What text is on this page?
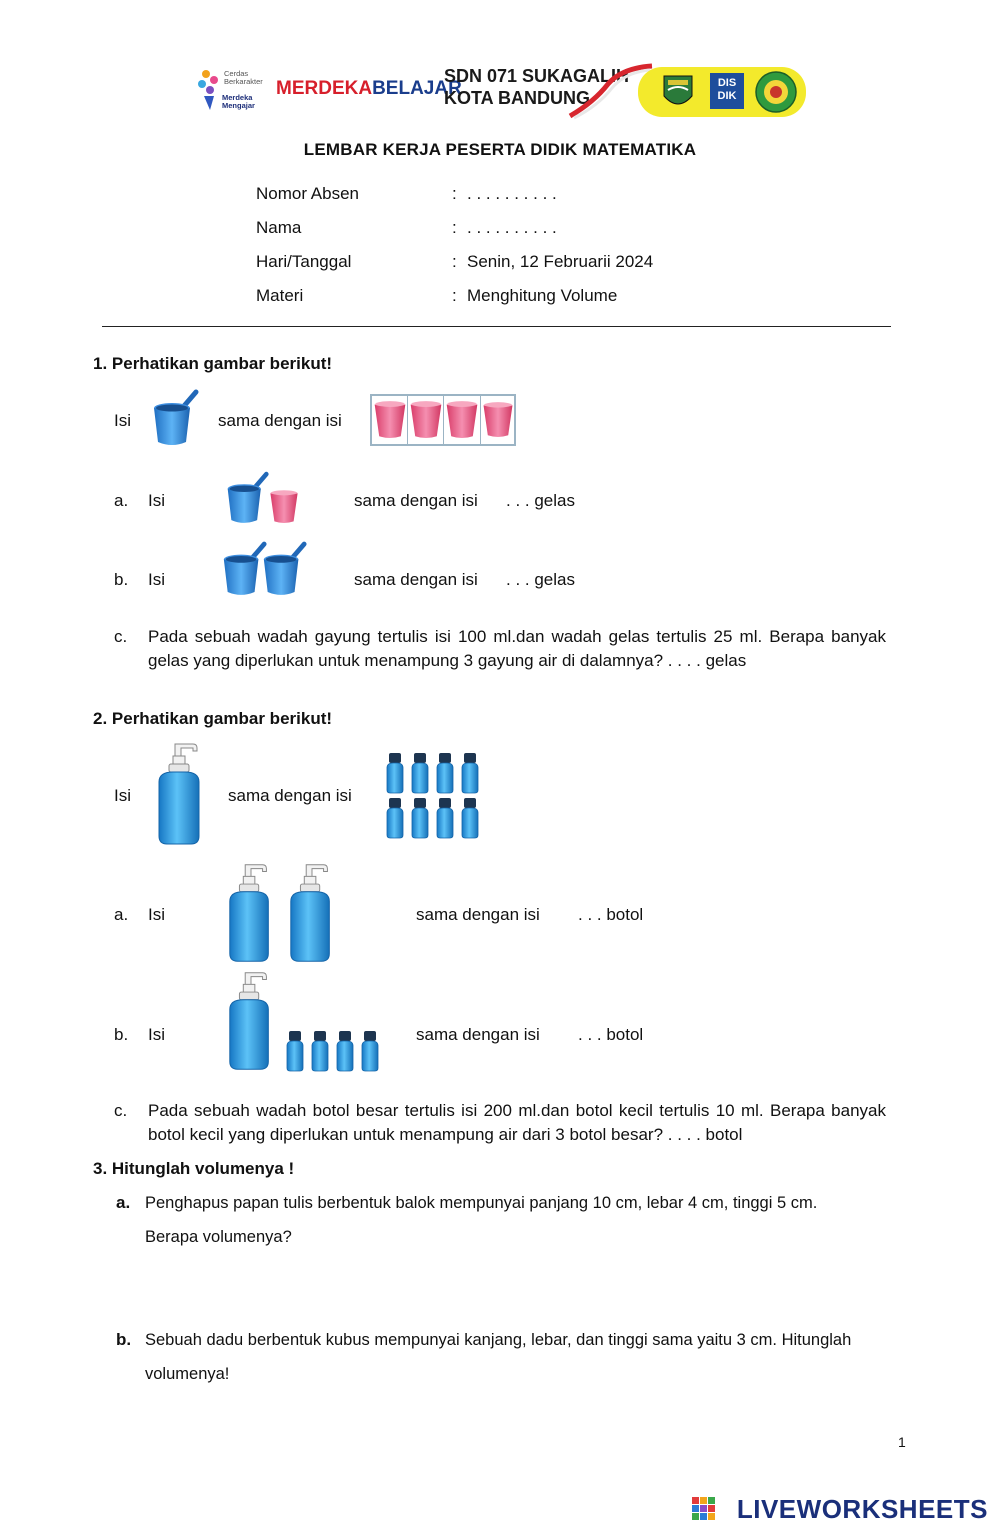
Cerdas Berkarakter
Merdeka Mengajar
MERDEKABELAJAR
SDN 071 SUKAGALIH
KOTA BANDUNG
DIS DIK
LEMBAR KERJA PESERTA DIDIK MATEMATIKA
Nomor Absen	: . . . . . . . . . .
Nama	: . . . . . . . . . .
Hari/Tanggal	: Senin, 12 Februarii 2024
Materi	: Menghitung Volume
1. Perhatikan gambar berikut!
Isi	sama dengan isi
a. Isi	sama dengan isi . . . gelas
b. Isi	sama dengan isi . . . gelas
c. Pada sebuah wadah gayung tertulis isi 100 ml.dan wadah gelas tertulis 25 ml. Berapa banyak gelas yang diperlukan untuk menampung 3 gayung air di dalamnya? . . . . gelas
2. Perhatikan gambar berikut!
Isi	sama dengan isi
a. Isi	sama dengan isi . . . botol
b. Isi	sama dengan isi . . . botol
c. Pada sebuah wadah botol besar tertulis isi 200 ml.dan botol kecil tertulis 10 ml. Berapa banyak botol kecil yang diperlukan untuk menampung air dari 3 botol besar? . . . . botol
3. Hitunglah volumenya !
a. Penghapus papan tulis berbentuk balok mempunyai panjang 10 cm, lebar 4 cm, tinggi 5 cm. Berapa volumenya?
b. Sebuah dadu berbentuk kubus mempunyai kanjang, lebar, dan tinggi sama yaitu 3 cm. Hitunglah volumenya!
1
LIVEWORKSHEETS
